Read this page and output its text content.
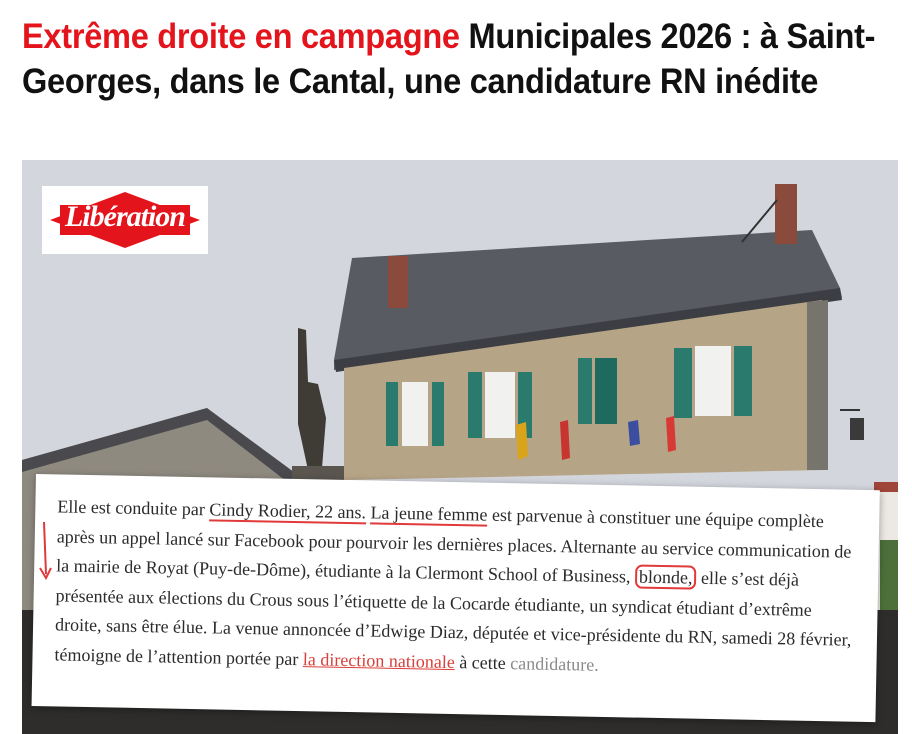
Extrême droite en campagne Municipales 2026 : à Saint-Georges, dans le Cantal, une candidature RN inédite
Libération

Elle est conduite par Cindy Rodier, 22 ans. La jeune femme est parvenue à constituer une équipe complète après un appel lancé sur Facebook pour pourvoir les dernières places. Alternante au service communication de la mairie de Royat (Puy-de-Dôme), étudiante à la Clermont School of Business, blonde, elle s’est déjà présentée aux élections du Crous sous l’étiquette de la Cocarde étudiante, un syndicat étudiant d’extrême droite, sans être élue. La venue annoncée d’Edwige Diaz, députée et vice-présidente du RN, samedi 28 février, témoigne de l’attention portée par la direction nationale à cette candidature.
